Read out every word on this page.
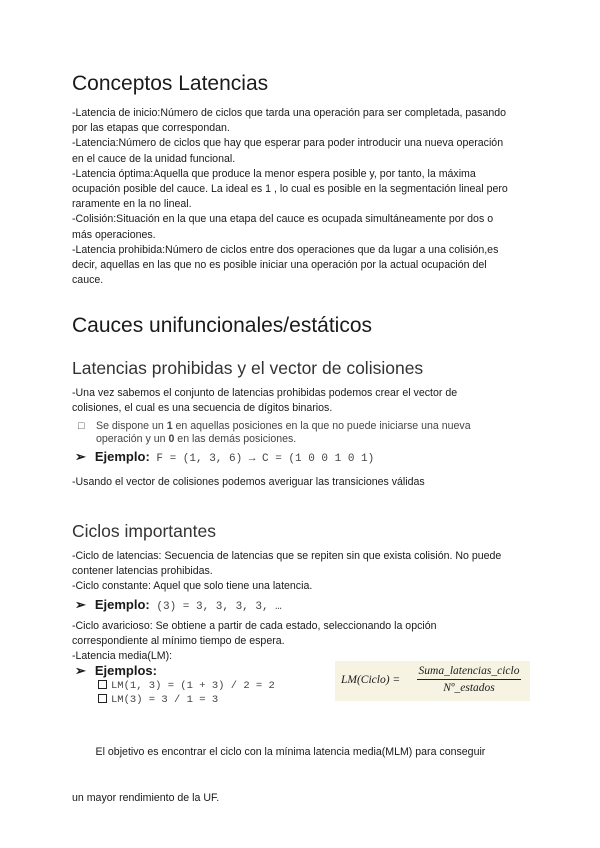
Conceptos Latencias

-Latencia de inicio:Número de ciclos que tarda una operación para ser completada, pasando

por las etapas que correspondan.

-Latencia:Número de ciclos que hay que esperar para poder introducir una nueva operación

en el cauce de la unidad funcional.

-Latencia óptima:Aquella que produce la menor espera posible y, por tanto, la máxima

ocupación posible del cauce. La ideal es 1 , lo cual es posible en la segmentación lineal pero

raramente en la no lineal.

-Colisión:Situación en la que una etapa del cauce es ocupada simultáneamente por dos o

más operaciones.

-Latencia prohibida:Número de ciclos entre dos operaciones que da lugar a una colisión,es

decir, aquellas en las que no es posible iniciar una operación por la actual ocupación del

cauce.

Cauces unifuncionales/estáticos
Latencias prohibidas y el vector de colisiones

-Una vez sabemos el conjunto de latencias prohibidas podemos crear el vector de

colisiones, el cual es una secuencia de dígitos binarios.

□ Se dispone un 1 en aquellas posiciones en la que no puede iniciarse una nueva
operación y un 0 en las demás posiciones.
➢ Ejemplo: F = (1, 3, 6) → C = (1 0 0 1 0 1)

-Usando el vector de colisiones podemos averiguar las transiciones válidas

Ciclos importantes

-Ciclo de latencias: Secuencia de latencias que se repiten sin que exista colisión. No puede

contener latencias prohibidas.

-Ciclo constante: Aquel que solo tiene una latencia.

➢ Ejemplo: (3) = 3, 3, 3, 3, …

-Ciclo avaricioso: Se obtiene a partir de cada estado, seleccionando la opción

correspondiente al mínimo tiempo de espera.

-Latencia media(LM):

➢ Ejemplos:
LM(1, 3) = (1 + 3) / 2 = 2
LM(3) = 3 / 1 = 3
LM(Ciclo) =
Suma_latencias_ciclo
Nº_estados

El objetivo es encontrar el ciclo con la mínima latencia media(MLM) para conseguir

un mayor rendimiento de la UF.
